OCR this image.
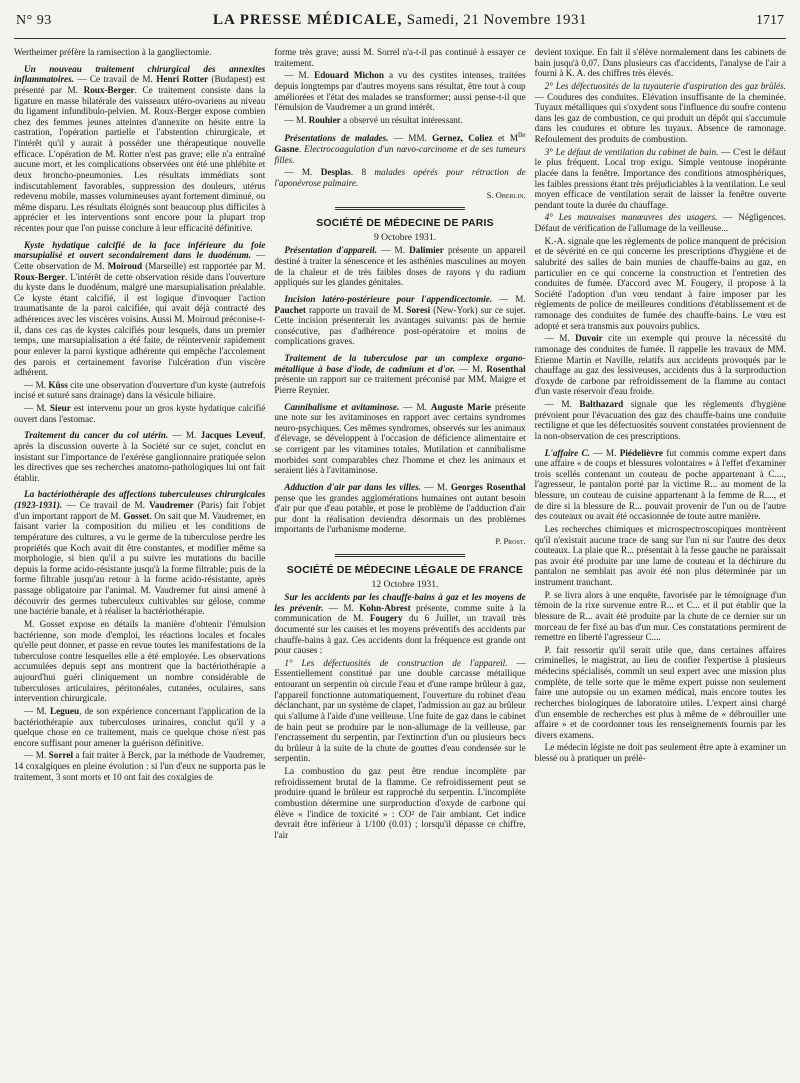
N° 93	LA PRESSE MÉDICALE, Samedi, 21 Novembre 1931	1717

Wertheimer préfère la ramisection à la gangliectomie.

Un nouveau traitement chirurgical des annexites inflammatoires. — Ce travail de M. Henri Rotter (Budapest) est présenté par M. Roux-Berger. Ce traitement consiste dans la ligature en masse bilatérale des vaisseaux utéro-ovariens au niveau du ligament infundibulo-pelvien. M. Roux-Berger expose combien chez des femmes jeunes atteintes d'annexite on hésite entre la castration, l'opération partielle et l'abstention chirurgicale, et l'intérêt qu'il y aurait à posséder une thérapeutique nouvelle efficace. L'opération de M. Rotter n'est pas grave; elle n'a entraîné aucune mort, et les complications observées ont été une phlébite et deux broncho-pneumonies. Les résultats immédiats sont indiscutablement favorables, suppression des douleurs, utérus redevenu mobile, masses volumineuses ayant fortement diminué, ou même disparu. Les résultats éloignés sont beaucoup plus difficiles à apprécier et les interventions sont encore pour la plupart trop récentes pour que l'on puisse conclure à leur efficacité définitive.

Kyste hydatique calcifié de la face inférieure du foie marsupialisé et ouvert secondairement dans le duodénum. — Cette observation de M. Moiroud (Marseille) est rapportée par M. Roux-Berger. L'intérêt de cette observation réside dans l'ouverture du kyste dans le duodénum, malgré une marsupialisation préalable. Ce kyste étant calcifié, il est logique d'invoquer l'action traumatisante de la paroi calcifiée, qui avait déjà contracté des adhérences avec les viscères voisins. Aussi M. Moiroud préconise-t-il, dans ces cas de kystes calcifiés pour lesquels, dans un premier temps, une marsupialisation a été faite, de réintervenir rapidement pour enlever la paroi kystique adhérente qui empêche l'accolement des parois et certainement favorise l'ulcération d'un viscère adhérent.

— M. Küss cite une observation d'ouverture d'un kyste (autrefois incisé et suturé sans drainage) dans la vésicule biliaire.

— M. Sieur est intervenu pour un gros kyste hydatique calcifié ouvert dans l'estomac.

Traitement du cancer du col utérin. — M. Jacques Leveuf, après la discussion ouverte à la Société sur ce sujet, conclut en insistant sur l'importance de l'exérèse ganglionnaire pratiquée selon les directives que ses recherches anatomo-pathologiques lui ont fait établir.

La bactériothérapie des affections tuberculeuses chirurgicales (1923-1931). — Ce travail de M. Vaudremer (Paris) fait l'objet d'un important rapport de M. Gosset. On sait que M. Vaudremer, en faisant varier la composition du milieu et les conditions de température des cultures, a vu le germe de la tuberculose perdre les propriétés que Koch avait dit être constantes, et modifier même sa morphologie, si bien qu'il a pu suivre les mutations du bacille depuis la forme acido-résistante jusqu'à la forme filtrable; puis de la forme filtrable jusqu'au retour à la forme acido-résistante, après passage obligatoire par l'animal. M. Vaudremer fut ainsi amené à découvrir des germes tuberculeux cultivables sur gélose, comme une bactérie banale, et à réaliser la bactériothérapie.

M. Gosset expose en détails la manière d'obtenir l'émulsion bactérienne, son mode d'emploi, les réactions locales et focales qu'elle peut donner, et passe en revue toutes les manifestations de la tuberculose contre lesquelles elle a été employée. Les observations accumulées depuis sept ans montrent que la bactériothérapie a aujourd'hui guéri cliniquement un nombre considérable de tuberculoses articulaires, péritonéales, cutanées, oculaires, sans intervention chirurgicale.

— M. Legueu, de son expérience concernant l'application de la bactériothérapie aux tuberculoses urinaires, conclut qu'il y a quelque chose en ce traitement, mais ce quelque chose n'est pas encore suffisant pour amener la guérison définitive.

— M. Sorrel a fait traiter à Berck, par la méthode de Vaudremer, 14 coxalgiques en pleine évolution : si l'un d'eux ne supporta pas le traitement, 3 sont morts et 10 ont fait des coxalgies de

forme très grave; aussi M. Sorrel n'a-t-il pas continué à essayer ce traitement.

— M. Edouard Michon a vu des cystites intenses, traitées depuis longtemps par d'autres moyens sans résultat, être tout à coup améliorées et l'état des malades se transformer; aussi pense-t-il que l'émulsion de Vaudremer a un grand intérêt.

— M. Rouhier a observé un résultat intéressant.

Présentations de malades. — MM. Gernez, Coliez et $M^{lle}$ Gasne. Electrocoagulation d'un nævo-carcinome et de ses tumeurs filles.

— M. Desplas. 8 malades opérés pour rétraction de l'aponévrose palmaire.

S. Oberlin.

SOCIÉTÉ DE MÉDECINE DE PARIS

9 Octobre 1931.

Présentation d'appareil. — M. Dalimier présente un appareil destiné à traiter la sénescence et les asthénies masculines au moyen de la chaleur et de très faibles doses de rayons γ du radium appliqués sur les glandes génitales.

Incision latéro-postérieure pour l'appendicectomie. — M. Pauchet rapporte un travail de M. Soresi (New-York) sur ce sujet. Cette incision présenterait les avantages suivants: pas de hernie consécutive, pas d'adhérence post-opératoire et moins de complications graves.

Traitement de la tuberculose par un complexe organo-métallique à base d'iode, de cadmium et d'or. — M. Rosenthal présente un rapport sur ce traitement préconisé par MM. Maigre et Pierre Reynier.

Cannibalisme et avitaminose. — M. Auguste Marie présente une note sur les avitaminoses en rapport avec certains syndromes neuro-psychiques. Ces mêmes syndromes, observés sur les animaux d'élevage, se développent à l'occasion de déficience alimentaire et se corrigent par les vitamines totales. Mutilation et cannibalisme morbides sont comparables chez l'homme et chez les animaux et seraient liés à l'avitaminose.

Adduction d'air par dans les villes. — M. Georges Rosenthal pense que les grandes agglomérations humaines ont autant besoin d'air pur que d'eau potable, et pose le problème de l'adduction d'air pur dont la réalisation deviendra désormais un des problèmes importants de l'urbanisme moderne.

P. Prost.

SOCIÉTÉ DE MÉDECINE LÉGALE DE FRANCE

12 Octobre 1931.

Sur les accidents par les chauffe-bains à gaz et les moyens de les prévenir. — M. Kohn-Abrest présente, comme suite à la communication de M. Fougery du 6 Juillet, un travail très documenté sur les causes et les moyens préventifs des accidents par chauffe-bains à gaz. Ces accidents dont la fréquence est grande ont pour causes :

1° Les défectuosités de construction de l'appareil. — Essentiellement constitué par une double carcasse métallique entourant un serpentin où circule l'eau et d'une rampe brûleur à gaz, l'appareil fonctionne automatiquement, l'ouverture du robinet d'eau déclanchant, par un système de clapet, l'admission au gaz au brûleur qui s'allume à l'aide d'une veilleuse. Une fuite de gaz dans le cabinet de bain peut se produire par le non-allumage de la veilleuse, par l'encrassement du serpentin, par l'extinction d'un ou plusieurs becs du brûleur à la suite de la chute de gouttes d'eau condensée sur le serpentin.

La combustion du gaz peut être rendue incomplète par refroidissement brutal de la flamme. Ce refroidissement peut se produire quand le brûleur est rapproché du serpentin. L'incomplète combustion détermine une surproduction d'oxyde de carbone qui élève « l'indice de toxicité » : CO² de l'air ambiant. Cet indice devrait être inférieur à 1/100 (0.01) ; lorsqu'il dépasse ce chiffre, l'air

devient toxique. En fait il s'élève normalement dans les cabinets de bain jusqu'à 0,07. Dans plusieurs cas d'accidents, l'analyse de l'air a fourni à K. A. des chiffres très élevés.

2° Les défectuosités de la tuyauterie d'aspiration des gaz brûlés. — Coudures des conduites. Elévation insuffisante de la cheminée. Tuyaux métalliques qui s'oxydent sous l'influence du soufre contenu dans les gaz de combustion, ce qui produit un dépôt qui s'accumule dans les coudures et obture les tuyaux. Absence de ramonage. Refoulement des produits de combustion.

3° Le défaut de ventilation du cabinet de bain. — C'est le défaut le plus fréquent. Local trop exigu. Simple ventouse inopérante placée dans la fenêtre. Importance des conditions atmosphériques, les faibles pressions étant très préjudiciables à la ventilation. Le seul moyen efficace de ventilation serait de laisser la fenêtre ouverte pendant toute la durée du chauffage.

4° Les mauvaises manœuvres des usagers. — Négligences. Défaut de vérification de l'allumage de la veilleuse...

K.-A. signale que les règlements de police manquent de précision et de sévérité en ce qui concerne les prescriptions d'hygiène et de salubrité des salles de bain munies de chauffe-bains au gaz, en particulier en ce qui concerne la construction et l'entretien des conduites de fumée. D'accord avec M. Fougery, il propose à la Société l'adoption d'un vœu tendant à faire imposer par les règlements de police de meilleures conditions d'établissement et de ramonage des conduites de fumée des chauffe-bains. Le vœu est adopté et sera transmis aux pouvoirs publics.

— M. Duvoir cite un exemple qui prouve la nécessité du ramonage des conduites de fumée. Il rappelle les travaux de MM. Etienne Martin et Naville, relatifs aux accidents provoqués par le chauffage au gaz des lessiveuses, accidents dus à la surproduction d'oxyde de carbone par refroidissement de la flamme au contact d'un vaste réservoir d'eau froide.

— M. Balthazard signale que les règlements d'hygiène prévoient pour l'évacuation des gaz des chauffe-bains une conduite rectiligne et que les défectuosités souvent constatées proviennent de la non-observation de ces prescriptions.

L'affaire C. — M. Piédelièvre fut commis comme expert dans une affaire « de coups et blessures volontaires » à l'effet d'examiner trois scellés contenant un couteau de poche appartenant à C...., l'agresseur, le pantalon porté par la victime R... au moment de la blessure, un couteau de cuisine appartenant à la femme de R...., et de dire si la blessure de R... pouvait provenir de l'un ou de l'autre des couteaux ou avait été occasionnée de toute autre manière.

Les recherches chimiques et microspectroscopiques montrèrent qu'il n'existait aucune trace de sang sur l'un ni sur l'autre des deux couteaux. La plaie que R... présentait à la fesse gauche ne paraissait pas avoir été produite par une lame de couteau et la déchirure du pantalon ne semblait pas avoir été non plus déterminée par un instrument tranchant.

P. se livra alors à une enquête, favorisée par le témoignage d'un témoin de la rixe survenue entre R... et C... et il put établir que la blessure de R... avait été produite par la chute de ce dernier sur un morceau de fer fixé au bas d'un mur. Ces constatations permirent de remettre en liberté l'agresseur C....

P. fait ressortir qu'il serait utile que, dans certaines affaires criminelles, le magistrat, au lieu de confier l'expertise à plusieurs médecins spécialisés, commît un seul expert avec une mission plus complète, de telle sorte que le même expert puisse non seulement faire une autopsie ou un examen médical, mais encore toutes les recherches biologiques de laboratoire utiles. L'expert ainsi chargé d'un ensemble de recherches est plus à même de « débrouiller une affaire » et de coordonner tous les renseignements fournis par les divers examens.

Le médecin légiste ne doit pas seulement être apte à examiner un blessé ou à pratiquer un prélè-
